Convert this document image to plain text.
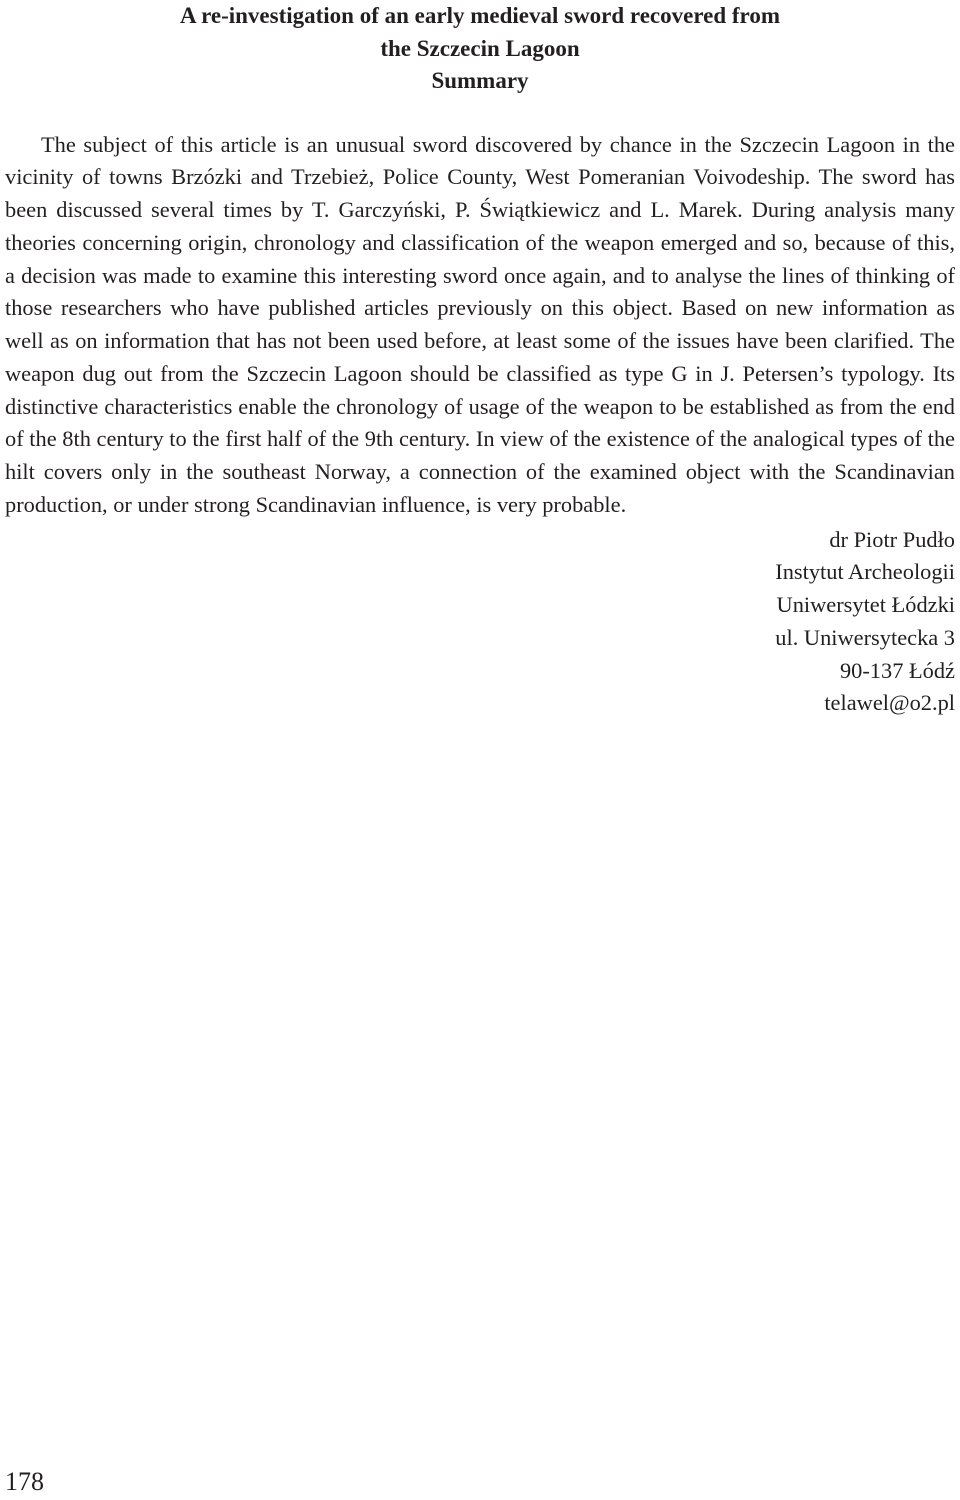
A re-investigation of an early medieval sword recovered from
the Szczecin Lagoon
Summary

The subject of this article is an unusual sword discovered by chance in the Szczecin Lagoon in the vicinity of towns Brzózki and Trzebież, Police County, West Pomeranian Voivodeship. The sword has been discussed several times by T. Garczyński, P. Świątkiewicz and L. Marek. During analysis many theories concerning origin, chronology and classification of the weapon emerged and so, because of this, a decision was made to examine this interesting sword once again, and to analyse the lines of thinking of those researchers who have published articles previously on this object. Based on new information as well as on information that has not been used before, at least some of the issues have been clarified. The weapon dug out from the Szczecin Lagoon should be classified as type G in J. Petersen’s typology. Its distinctive characteristics enable the chronology of usage of the weapon to be established as from the end of the 8th century to the first half of the 9th century. In view of the existence of the analogical types of the hilt covers only in the southeast Norway, a connection of the examined object with the Scandinavian production, or under strong Scandinavian influence, is very probable.

dr Piotr Pudło
Instytut Archeologii
Uniwersytet Łódzki
ul. Uniwersytecka 3
90-137 Łódź
telawel@o2.pl
178
